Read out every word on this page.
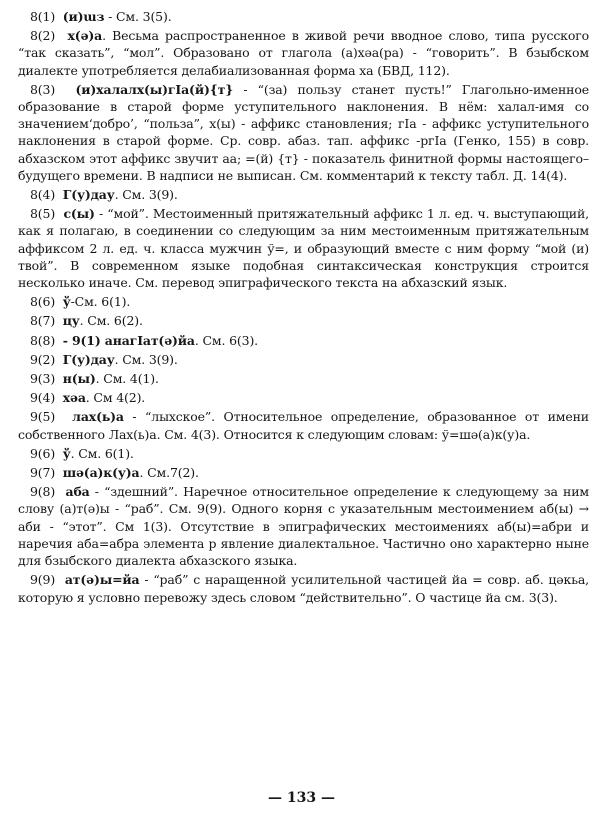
8(1) (и)ɯз - См. 3(5).

8(2) х(ə)а. Весьма распространенное в живой речи вводное слово, типа русского “так сказать”, “мол”. Образовано от глагола (а)хəа(ра) - “говорить”. В бзыбском диалекте употребляется делабиализованная форма ха (БВД, 112).

8(3) (и)халалх(ы)гIа(й){т} - “(за) пользу станет пусть!” Глагольно-именное образование в старой форме уступительного наклонения. В нём: халал-имя со значением‘добро’, “польза”, х(ы) - аффикс становления; гIа - аффикс уступительного наклонения в старой форме. Ср. совр. абаз. тап. аффикс -ргIа (Генко, 155) в совр. абхазском этот аффикс звучит аа; =(й) {т} - показатель финитной формы настоящего–будущего времени. В надписи не выписан. См. комментарий к тексту табл. Д. 14(4).

8(4) Г(у)дау. См. 3(9).

8(5) с(ы) - “мой”. Местоименный притяжательный аффикс 1 л. ед. ч. выступающий, как я полагаю, в соединении со следующим за ним местоименным притяжательным аффиксом 2 л. ед. ч. класса мужчин ў=, и образующий вместе с ним форму “мой (и) твой”. В современном языке подобная синтаксическая конструкция строится несколько иначе. См. перевод эпиграфического текста на абхазский язык.

8(6) ў-См. 6(1).

8(7) цу. См. 6(2).

8(8) - 9(1) анагIат(ə)йа. См. 6(3).

9(2) Г(у)дау. См. 3(9).

9(3) н(ы). См. 4(1).

9(4) хəа. См 4(2).

9(5) лах(ь)а - “лыхское”. Относительное определение, образованное от имени собственного Лах(ь)а. См. 4(3). Относится к следующим словам: ў=шə(а)к(у)а.

9(6) ў. См. 6(1).

9(7) шə(а)к(у)а. См.7(2).

9(8) аба - “здешний”. Наречное относительное определение к следующему за ним слову (а)т(ə)ы - “раб”. См. 9(9). Одного корня с указательным местоимением аб(ы) → аби - “этот”. См 1(3). Отсутствие в эпиграфических местоимениях аб(ы)=абри и наречия аба=абра элемента р явление диалектальное. Частично оно характерно ныне для бзыбского диалекта абхазского языка.

9(9) ат(ə)ы=йа - “раб” с наращенной усилительной частицей йа = совр. аб. цəкьа, которую я условно перевожу здесь словом “действительно”. О частице йа см. 3(3).

— 133 —
